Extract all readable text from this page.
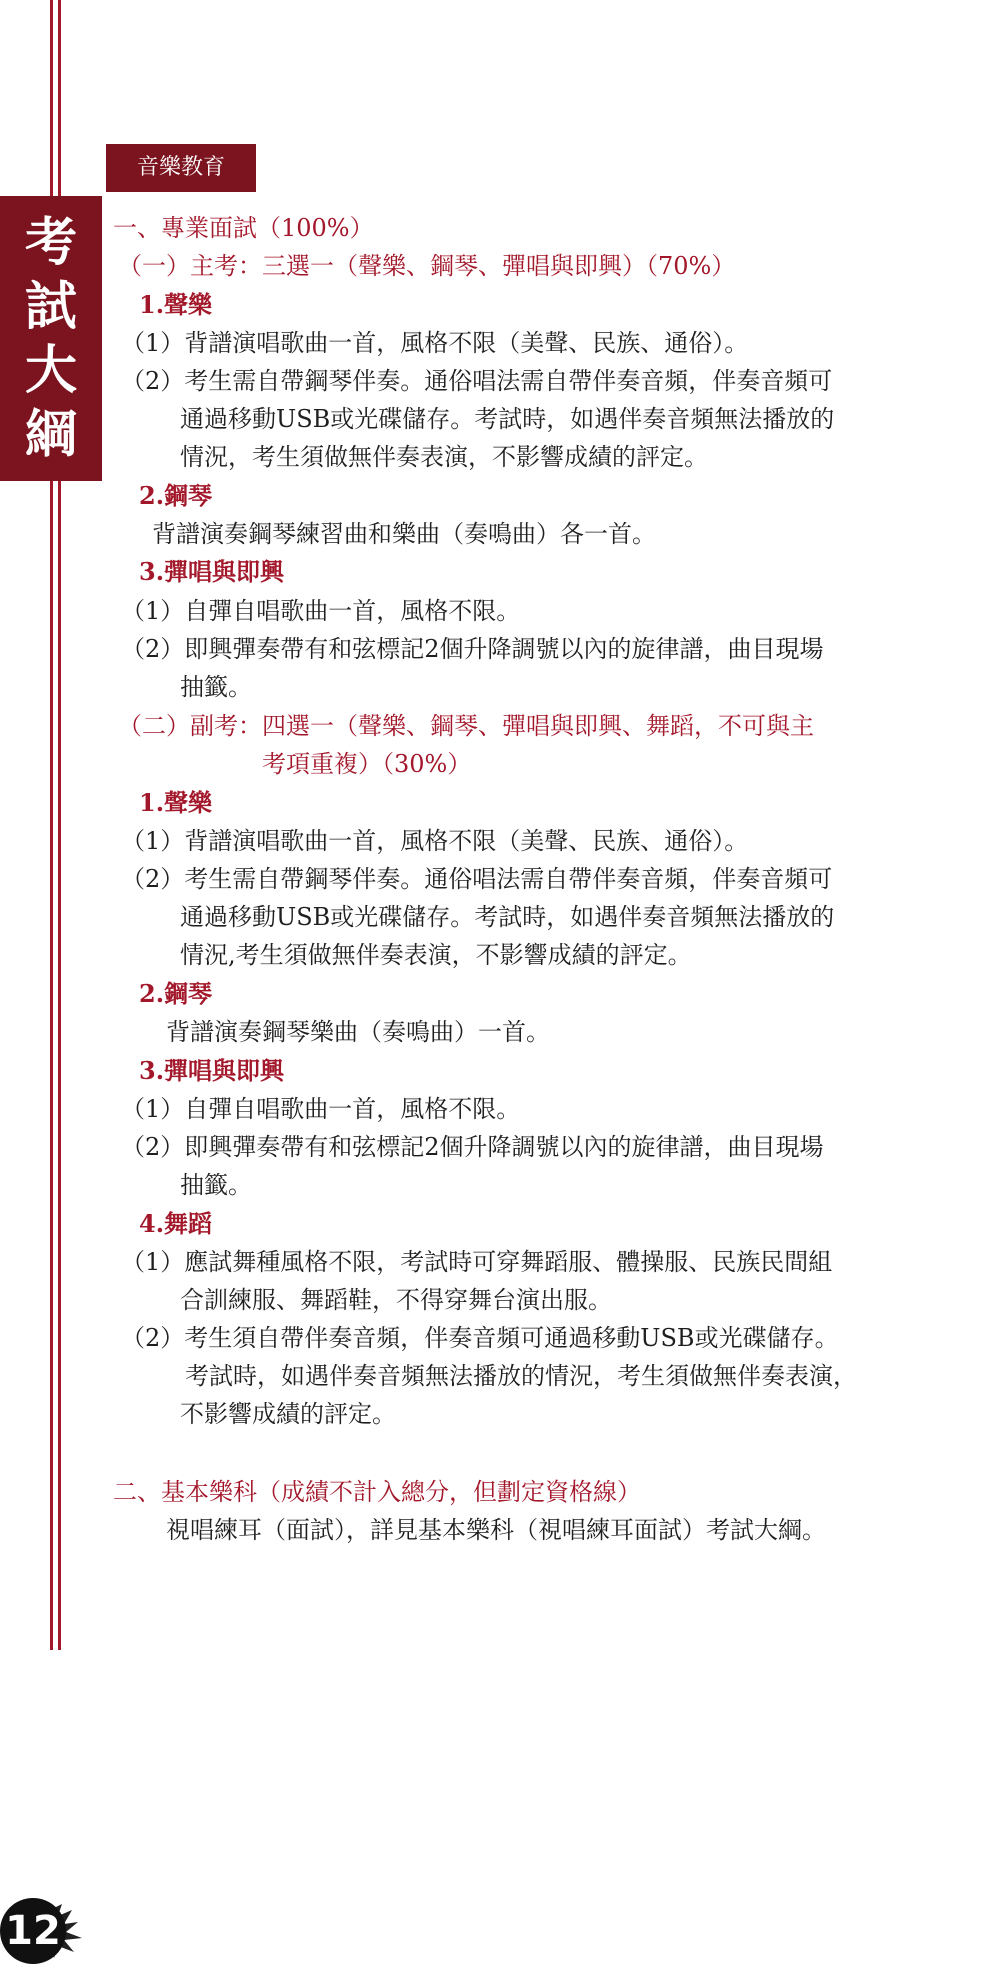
考
試
大
綱
音樂教育
一、專業面試（100%）
（一）主考：三選一（聲樂、鋼琴、彈唱與即興）（70%）
1.聲樂
（1）背譜演唱歌曲一首，風格不限（美聲、民族、通俗）。
（2）考生需自帶鋼琴伴奏。通俗唱法需自帶伴奏音頻，伴奏音頻可
通過移動USB或光碟儲存。考試時，如遇伴奏音頻無法播放的
情況，考生須做無伴奏表演，不影響成績的評定。
2.鋼琴
背譜演奏鋼琴練習曲和樂曲（奏鳴曲）各一首。
3.彈唱與即興
（1）自彈自唱歌曲一首，風格不限。
（2）即興彈奏帶有和弦標記2個升降調號以內的旋律譜，曲目現場
抽籤。
（二）副考：四選一（聲樂、鋼琴、彈唱與即興、舞蹈，不可與主
考項重複）（30%）
1.聲樂
（1）背譜演唱歌曲一首，風格不限（美聲、民族、通俗）。
（2）考生需自帶鋼琴伴奏。通俗唱法需自帶伴奏音頻，伴奏音頻可
通過移動USB或光碟儲存。考試時，如遇伴奏音頻無法播放的
情況,考生須做無伴奏表演，不影響成績的評定。
2.鋼琴
背譜演奏鋼琴樂曲（奏鳴曲）一首。
3.彈唱與即興
（1）自彈自唱歌曲一首，風格不限。
（2）即興彈奏帶有和弦標記2個升降調號以內的旋律譜，曲目現場
抽籤。
4.舞蹈
（1）應試舞種風格不限，考試時可穿舞蹈服、體操服、民族民間組
合訓練服、舞蹈鞋，不得穿舞台演出服。
（2）考生須自帶伴奏音頻，伴奏音頻可通過移動USB或光碟儲存。
考試時，如遇伴奏音頻無法播放的情況，考生須做無伴奏表演，
不影響成績的評定。
二、基本樂科（成績不計入總分，但劃定資格線）
視唱練耳（面試），詳見基本樂科（視唱練耳面試）考試大綱。
12
